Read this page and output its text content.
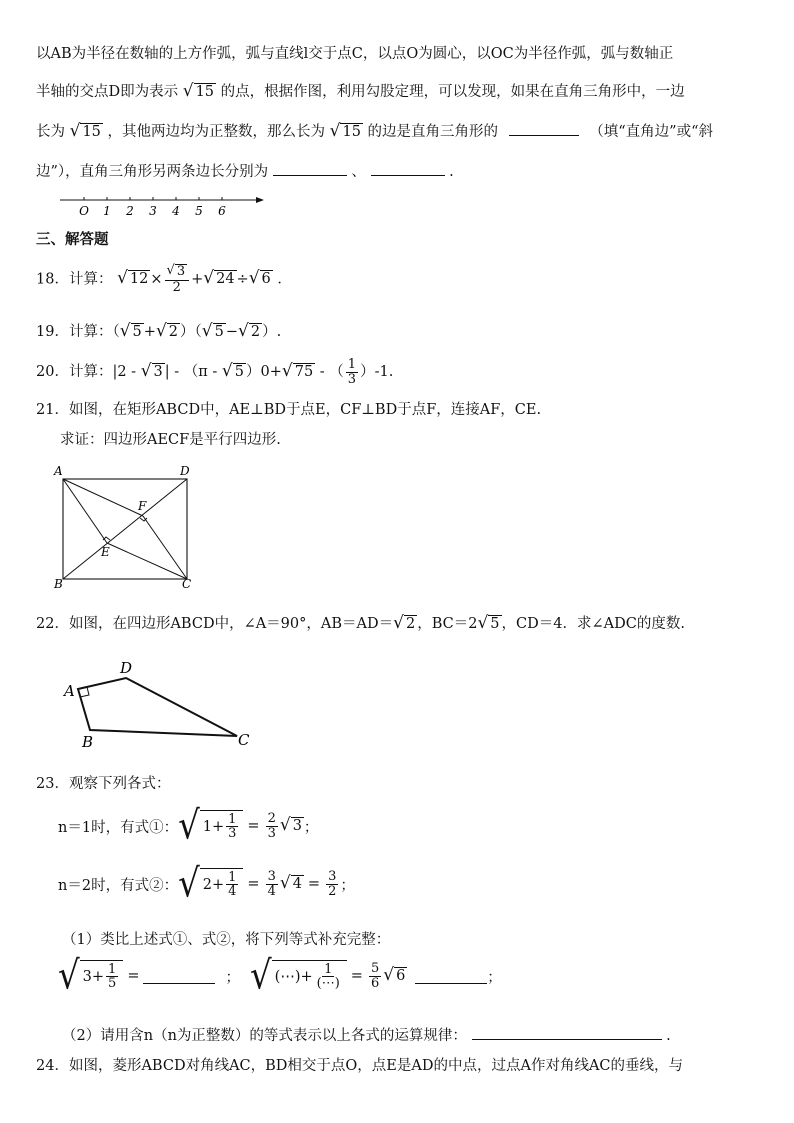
以AB为半径在数轴的上方作弧，弧与直线l交于点C，以点O为圆心，以OC为半径作弧，弧与数轴正
半轴的交点D即为表示 √ 15 的点，根据作图，利用勾股定理，可以发现，如果在直角三角形中，一边
长为 √ 15 ，其他两边均为正整数，那么长为 √ 15 的边是直角三角形的	（填“直角边”或“斜
边”），直角三角形另两条边长分别为	、	.
O 1 2 3 4 5 6
三、解答题
18．计算： √ $12 \times \frac{√ 3}{2}$ + √ 24 ÷ √ 6 ．
19．计算：（ √ 5 + √ 2 ）（ √ 5 − √ 2 ）.
20．计算：|2 - √ 3 | - （π - √ 5 ）0+ √ 75 - （ $\frac{1}{3} )-1$.
21．如图，在矩形ABCD中，AE⊥BD于点E，CF⊥BD于点F，连接AF，CE.
求证：四边形AECF是平行四边形.
A	D
B	C
E
F
22．如图，在四边形ABCD中，∠A＝90°，AB＝AD＝ √ 2 ，BC＝2 √ 5 ，CD＝4．求∠ADC的度数.
A
D
B	C
23．观察下列各式：
n＝1时，有式①： √ $1+ \frac{1}{3} = \frac{2}{3}$ √ 3 ；
n＝2时，有式②： √ $2+ \frac{1}{4} = \frac{3}{4}$ √ $4 = \frac{3}{2}$ ；
（1）类比上述式①、式②，将下列等式补充完整：
√ $3+ \frac{1}{5}$ =	； √ (⋯)+ $\frac{1}{(\cdots)} = \frac{5}{6}$ √ 6	；
（2）请用含n（n为正整数）的等式表示以上各式的运算规律：	.
24．如图，菱形ABCD对角线AC，BD相交于点O，点E是AD的中点，过点A作对角线AC的垂线，与
